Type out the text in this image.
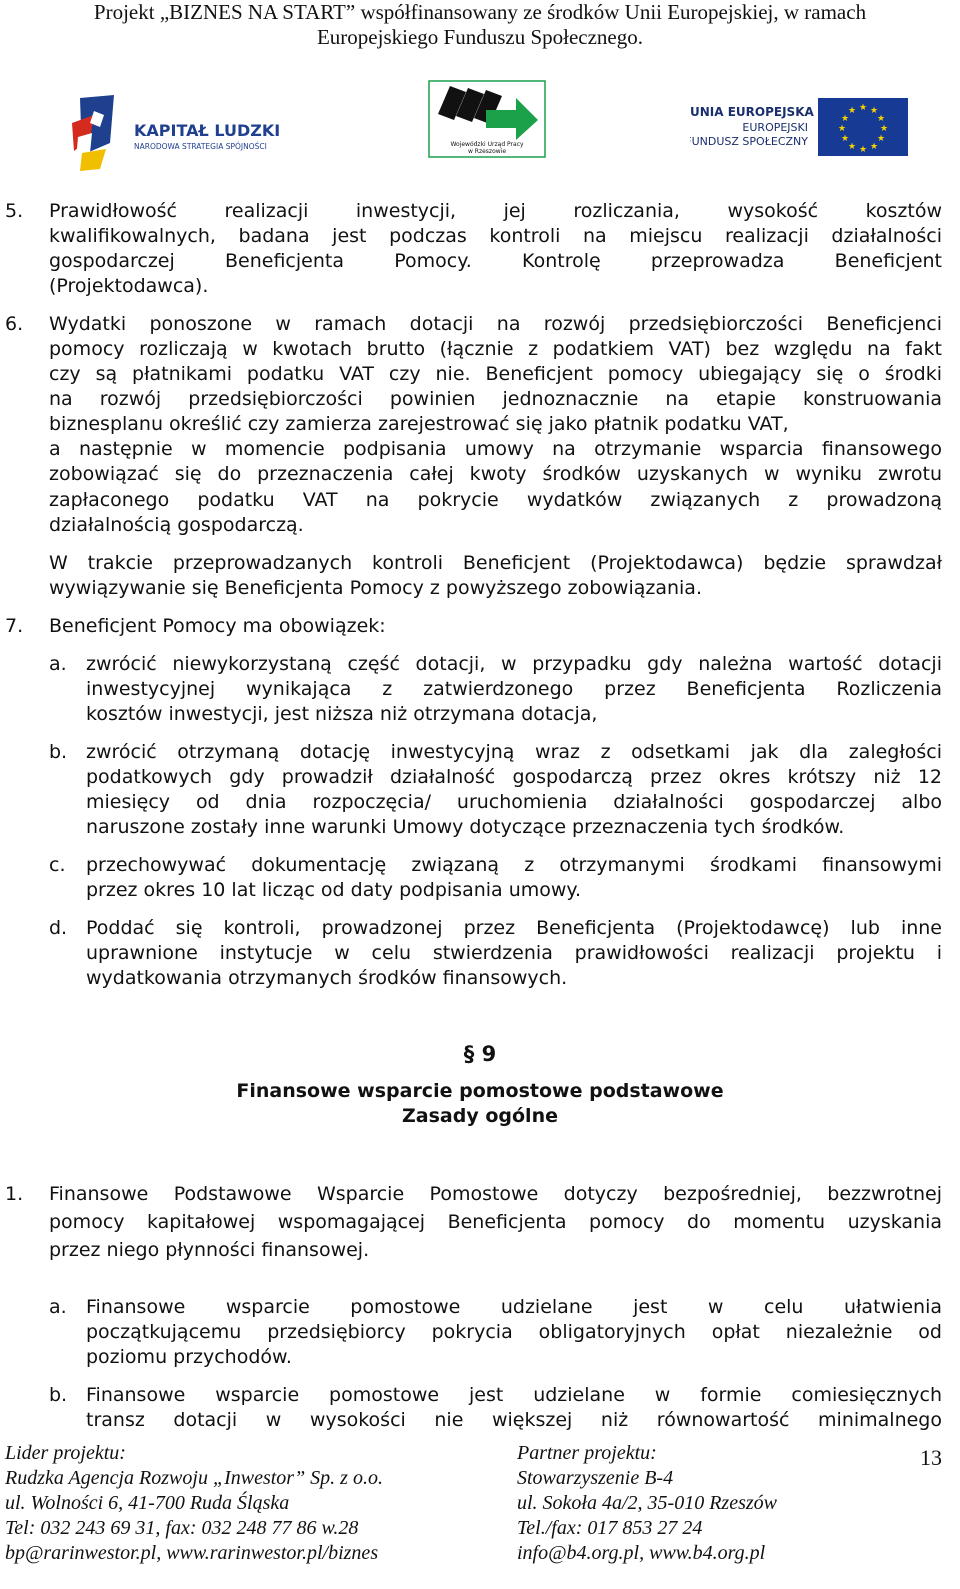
Projekt „BIZNES NA START” współfinansowany ze środków Unii Europejskiej, w ramach
Europejskiego Funduszu Społecznego.
KAPITAŁ LUDZKI
NARODOWA STRATEGIA SPÓJNOŚCI	Wojewódzki Urząd Pracy
w Rzeszowie
UNIA EUROPEJSKA
EUROPEJSKI
FUNDUSZ SPOŁECZNY
★ ★
★
★
★
★
★
★
★
★
★
★
5. Prawidłowość realizacji inwestycji, jej rozliczania, wysokość kosztów
kwalifikowalnych, badana jest podczas kontroli na miejscu realizacji działalności
gospodarczej Beneficjenta Pomocy. Kontrolę przeprowadza Beneficjent
(Projektodawca).
6. Wydatki ponoszone w ramach dotacji na rozwój przedsiębiorczości Beneficjenci
pomocy rozliczają w kwotach brutto (łącznie z podatkiem VAT) bez względu na fakt
czy są płatnikami podatku VAT czy nie. Beneficjent pomocy ubiegający się o środki
na rozwój przedsiębiorczości powinien jednoznacznie na etapie konstruowania
biznesplanu określić czy zamierza zarejestrować się jako płatnik podatku VAT,
a następnie w momencie podpisania umowy na otrzymanie wsparcia finansowego
zobowiązać się do przeznaczenia całej kwoty środków uzyskanych w wyniku zwrotu
zapłaconego podatku VAT na pokrycie wydatków związanych z prowadzoną
działalnością gospodarczą.
W trakcie przeprowadzanych kontroli Beneficjent (Projektodawca) będzie sprawdzał
wywiązywanie się Beneficjenta Pomocy z powyższego zobowiązania.
7. Beneficjent Pomocy ma obowiązek:
a. zwrócić niewykorzystaną część dotacji, w przypadku gdy należna wartość dotacji
inwestycyjnej wynikająca z zatwierdzonego przez Beneficjenta Rozliczenia
kosztów inwestycji, jest niższa niż otrzymana dotacja,
b. zwrócić otrzymaną dotację inwestycyjną wraz z odsetkami jak dla zaległości
podatkowych gdy prowadził działalność gospodarczą przez okres krótszy niż 12
miesięcy od dnia rozpoczęcia/ uruchomienia działalności gospodarczej albo
naruszone zostały inne warunki Umowy dotyczące przeznaczenia tych środków.
c. przechowywać dokumentację związaną z otrzymanymi środkami finansowymi
przez okres 10 lat licząc od daty podpisania umowy.
d. Poddać się kontroli, prowadzonej przez Beneficjenta (Projektodawcę) lub inne
uprawnione instytucje w celu stwierdzenia prawidłowości realizacji projektu i
wydatkowania otrzymanych środków finansowych.
§ 9
Finansowe wsparcie pomostowe podstawowe
Zasady ogólne
1. Finansowe Podstawowe Wsparcie Pomostowe dotyczy bezpośredniej, bezzwrotnej
pomocy kapitałowej wspomagającej Beneficjenta pomocy do momentu uzyskania
przez niego płynności finansowej.
a. Finansowe wsparcie pomostowe udzielane jest w celu ułatwienia
początkującemu przedsiębiorcy pokrycia obligatoryjnych opłat niezależnie od
poziomu przychodów.
b. Finansowe wsparcie pomostowe jest udzielane w formie comiesięcznych
transz dotacji w wysokości nie większej niż równowartość minimalnego
Lider projektu:
Rudzka Agencja Rozwoju „Inwestor” Sp. z o.o.
ul. Wolności 6, 41-700 Ruda Śląska
Tel: 032 243 69 31, fax: 032 248 77 86 w.28
bp@rarinwestor.pl, www.rarinwestor.pl/biznes
Partner projektu:
Stowarzyszenie B-4
ul. Sokoła 4a/2, 35-010 Rzeszów
Tel./fax: 017 853 27 24
info@b4.org.pl, www.b4.org.pl
13
